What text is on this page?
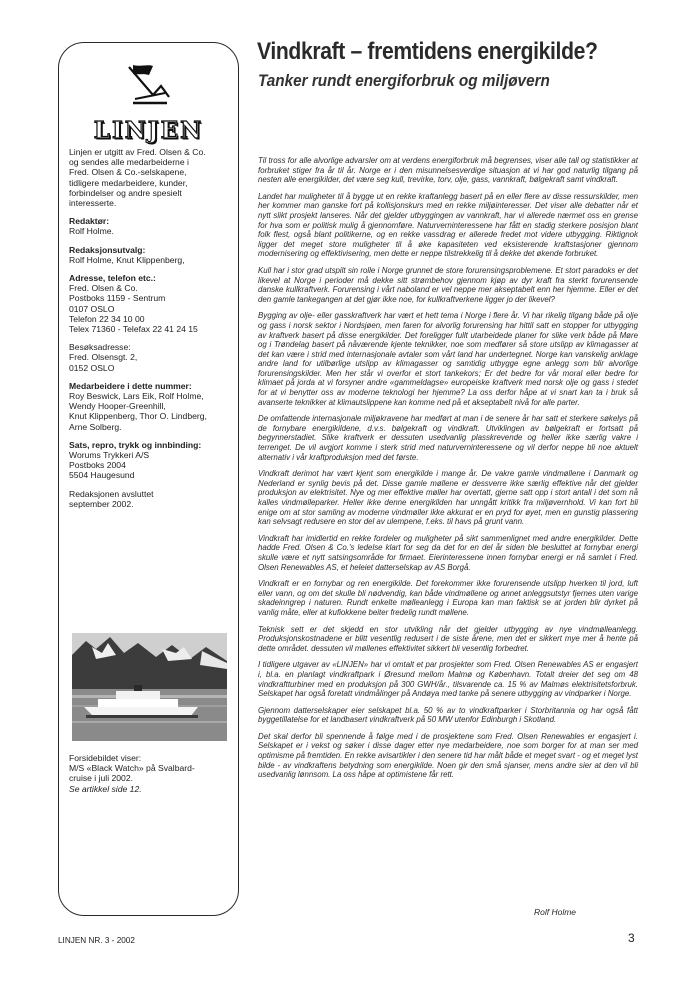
LINJEN
Linjen er utgitt av Fred. Olsen & Co.
og sendes alle medarbeiderne i
Fred. Olsen & Co.-selskapene,
tidligere medarbeidere, kunder,
forbindelser og andre spesielt
interesserte.
Redaktør:
Rolf Holme.
Redaksjonsutvalg:
Rolf Holme, Knut Klippenberg,
Adresse, telefon etc.:
Fred. Olsen & Co.
Postboks 1159 - Sentrum
0107 OSLO
Telefon 22 34 10 00
Telex 71360 - Telefax 22 41 24 15
Besøksadresse:
Fred. Olsensgt. 2,
0152 OSLO
Medarbeidere i dette nummer:
Roy Beswick, Lars Eik, Rolf Holme,
Wendy Hooper-Greenhill,
Knut Klippenberg, Thor O. Lindberg,
Arne Solberg.
Sats, repro, trykk og innbinding:
Worums Trykkeri A/S
Postboks 2004
5504 Haugesund
Redaksjonen avsluttet
september 2002.
Forsidebildet viser:
M/S «Black Watch» på Svalbard-
cruise i juli 2002.
Se artikkel side 12.
Vindkraft – fremtidens energikilde?
Tanker rundt energiforbruk og miljøvern
Til tross for alle alvorlige advarsler om at verdens energiforbruk må begrenses, viser alle tall og statistikker at forbruket stiger fra år til år. Norge er i den misunnelsesverdige situasjon at vi har god naturlig tilgang på nesten alle energikilder, det være seg kull, trevirke, torv, olje, gass, vannkraft, bølgekraft samt vindkraft.
Landet har muligheter til å bygge ut en rekke kraftanlegg basert på en eller flere av disse ressurskilder, men her kommer man ganske fort på kollisjonskurs med en rekke miljøinteresser. Det viser alle debatter når et nytt slikt prosjekt lanseres. Når det gjelder utbyggingen av vannkraft, har vi allerede nærmet oss en grense for hva som er politisk mulig å gjennomføre. Naturverninteressene har fått en stadig sterkere posisjon blant folk flest, også blant politikerne, og en rekke vassdrag er allerede fredet mot videre utbygging. Riktignok ligger det meget store muligheter til å øke kapasiteten ved eksisterende kraftstasjoner gjennom modernisering og effektivisering, men dette er neppe tilstrekkelig til å dekke det økende forbruket.
Kull har i stor grad utspilt sin rolle i Norge grunnet de store forurensingsproblemene. Et stort paradoks er det likevel at Norge i perioder må dekke sitt strømbehov gjennom kjøp av dyr kraft fra sterkt forurensende danske kullkraftverk. Forurensing i vårt naboland er vel neppe mer akseptabelt enn her hjemme. Eller er det den gamle tankegangen at det gjør ikke noe, for kullkraftverkene ligger jo der likevel?
Bygging av olje- eller gasskraftverk har vært et hett tema i Norge i flere år. Vi har rikelig tilgang både på olje og gass i norsk sektor i Nordsjøen, men faren for alvorlig forurensing har hittil satt en stopper for utbygging av kraftverk basert på disse energikilder. Det foreligger fullt utarbeidede planer for slike verk både på Møre og i Trøndelag basert på nåværende kjente teknikker, noe som medfører så store utslipp av klimagasser at det kan være i strid med internasjonale avtaler som vårt land har undertegnet. Norge kan vanskelig anklage andre land for utilbørlige utslipp av klimagasser og samtidig utbygge egne anlegg som blir alvorlige forurensingskilder. Men her står vi overfor et stort tankekors; Er det bedre for vår moral eller bedre for klimaet på jorda at vi forsyner andre «gammeldagse» europeiske kraftverk med norsk olje og gass i stedet for at vi benytter oss av moderne teknologi her hjemme? La oss derfor håpe at vi snart kan ta i bruk så avanserte teknikker at klimautslippene kan komme ned på et akseptabelt nivå for alle parter.
De omfattende internasjonale miljøkravene har medført at man i de senere år har satt et sterkere søkelys på de fornybare energikildene, d.v.s. bølgekraft og vindkraft. Utviklingen av bølgekraft er fortsatt på begynnerstadiet. Slike kraftverk er dessuten usedvanlig plasskrevende og heller ikke særlig vakre i terrenget. De vil avgjort komme i sterk strid med naturverninteressene og vil derfor neppe bli noe aktuelt alternativ i vår kraftproduksjon med det første.
Vindkraft derimot har vært kjent som energikilde i mange år. De vakre gamle vindmøllene i Danmark og Nederland er synlig bevis på det. Disse gamle møllene er dessverre ikke særlig effektive når det gjelder produksjon av elektrisitet. Nye og mer effektive møller har overtatt, gjerne satt opp i stort antall i det som nå kalles vindmølleparker. Heller ikke denne energikilden har unngått kritikk fra miljøvernhold. Vi kan fort bli enige om at stor samling av moderne vindmøller ikke akkurat er en pryd for øyet, men en gunstig plassering kan selvsagt redusere en stor del av ulempene, f.eks. til havs på grunt vann.
Vindkraft har imidlertid en rekke fordeler og muligheter på sikt sammenlignet med andre energikilder. Dette hadde Fred. Olsen & Co.'s ledelse klart for seg da det for en del år siden ble besluttet at fornybar energi skulle være et nytt satsingsområde for firmaet. Eierinteressene innen fornybar energi er nå samlet i Fred. Olsen Renewables AS, et heleiet datterselskap av AS Borgå.
Vindkraft er en fornybar og ren energikilde. Det forekommer ikke forurensende utslipp hverken til jord, luft eller vann, og om det skulle bli nødvendig, kan både vindmøllene og annet anleggsutstyr fjernes uten varige skadeinngrep i naturen. Rundt enkelte mølleanlegg i Europa kan man faktisk se at jorden blir dyrket på vanlig måte, eller at kufiokkene beiter fredelig rundt møllene.
Teknisk sett er det skjedd en stor utvikling når det gjelder utbygging av nye vindmølleanlegg. Produksjonskostnadene er blitt vesentlig redusert i de siste årene, men det er sikkert mye mer å hente på dette området. dessuten vil møllenes effektivitet sikkert bli vesentlig forbedret.
I tidligere utgaver av «LINJEN» har vi omtalt et par prosjekter som Fred. Olsen Renewables AS er engasjert i, bl.a. en planlagt vindkraftpark i Øresund mellom Malmø og København. Totalt dreier det seg om 48 vindkraftturbiner med en produksjon på 300 GWH/år., tilsvarende ca. 15 % av Malmøs elektrisitetsforbruk. Selskapet har også foretatt vindmålinger på Andøya med tanke på senere utbygging av vindparker i Norge.
Gjennom datterselskaper eier selskapet bl.a. 50 % av to vindkraftparker i Storbritannia og har også fått byggetillatelse for et landbasert vindkraftverk på 50 MW utenfor Edinburgh i Skotland.
Det skal derfor bli spennende å følge med i de prosjektene som Fred. Olsen Renewables er engasjert i. Selskapet er i vekst og søker i disse dager etter nye medarbeidere, noe som borger for at man ser med optimisme på fremtiden. En rekke avisartikler i den senere tid har målt både et meget svart - og et meget lyst bilde - av vindkraftens betydning som energikilde. Noen gir den små sjanser, mens andre sier at den vil bli usedvanlig lønnsom. La oss håpe at optimistene får rett.
Rolf Holme
LINJEN NR. 3 - 2002	3
